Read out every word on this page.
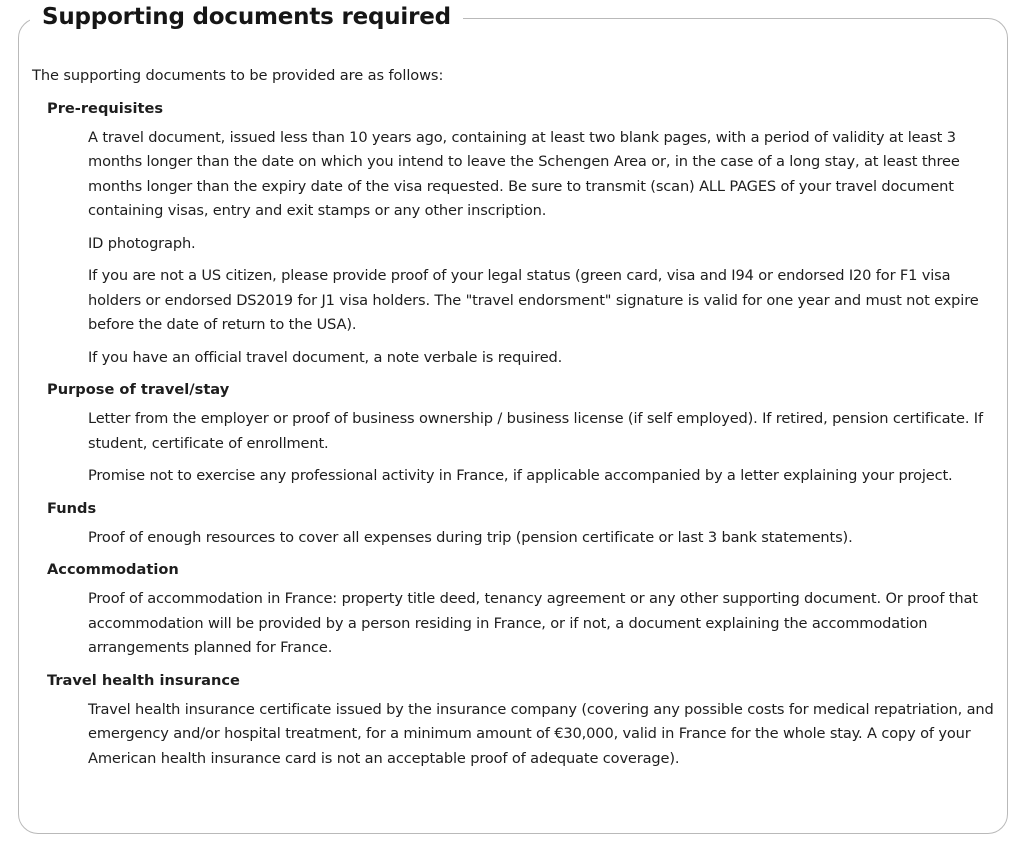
Supporting documents required

The supporting documents to be provided are as follows:

Pre-requisites
A travel document, issued less than 10 years ago, containing at least two blank pages, with a period of validity at least 3 months longer than the date on which you intend to leave the Schengen Area or, in the case of a long stay, at least three months longer than the expiry date of the visa requested. Be sure to transmit (scan) ALL PAGES of your travel document containing visas, entry and exit stamps or any other inscription.
ID photograph.
If you are not a US citizen, please provide proof of your legal status (green card, visa and I94 or endorsed I20 for F1 visa holders or endorsed DS2019 for J1 visa holders. The "travel endorsment" signature is valid for one year and must not expire before the date of return to the USA).
If you have an official travel document, a note verbale is required.
Purpose of travel/stay
Letter from the employer or proof of business ownership / business license (if self employed). If retired, pension certificate. If student, certificate of enrollment.
Promise not to exercise any professional activity in France, if applicable accompanied by a letter explaining your project.
Funds
Proof of enough resources to cover all expenses during trip (pension certificate or last 3 bank statements).
Accommodation
Proof of accommodation in France: property title deed, tenancy agreement or any other supporting document. Or proof that accommodation will be provided by a person residing in France, or if not, a document explaining the accommodation arrangements planned for France.
Travel health insurance
Travel health insurance certificate issued by the insurance company (covering any possible costs for medical repatriation, and emergency and/or hospital treatment, for a minimum amount of €30,000, valid in France for the whole stay. A copy of your American health insurance card is not an acceptable proof of adequate coverage).
